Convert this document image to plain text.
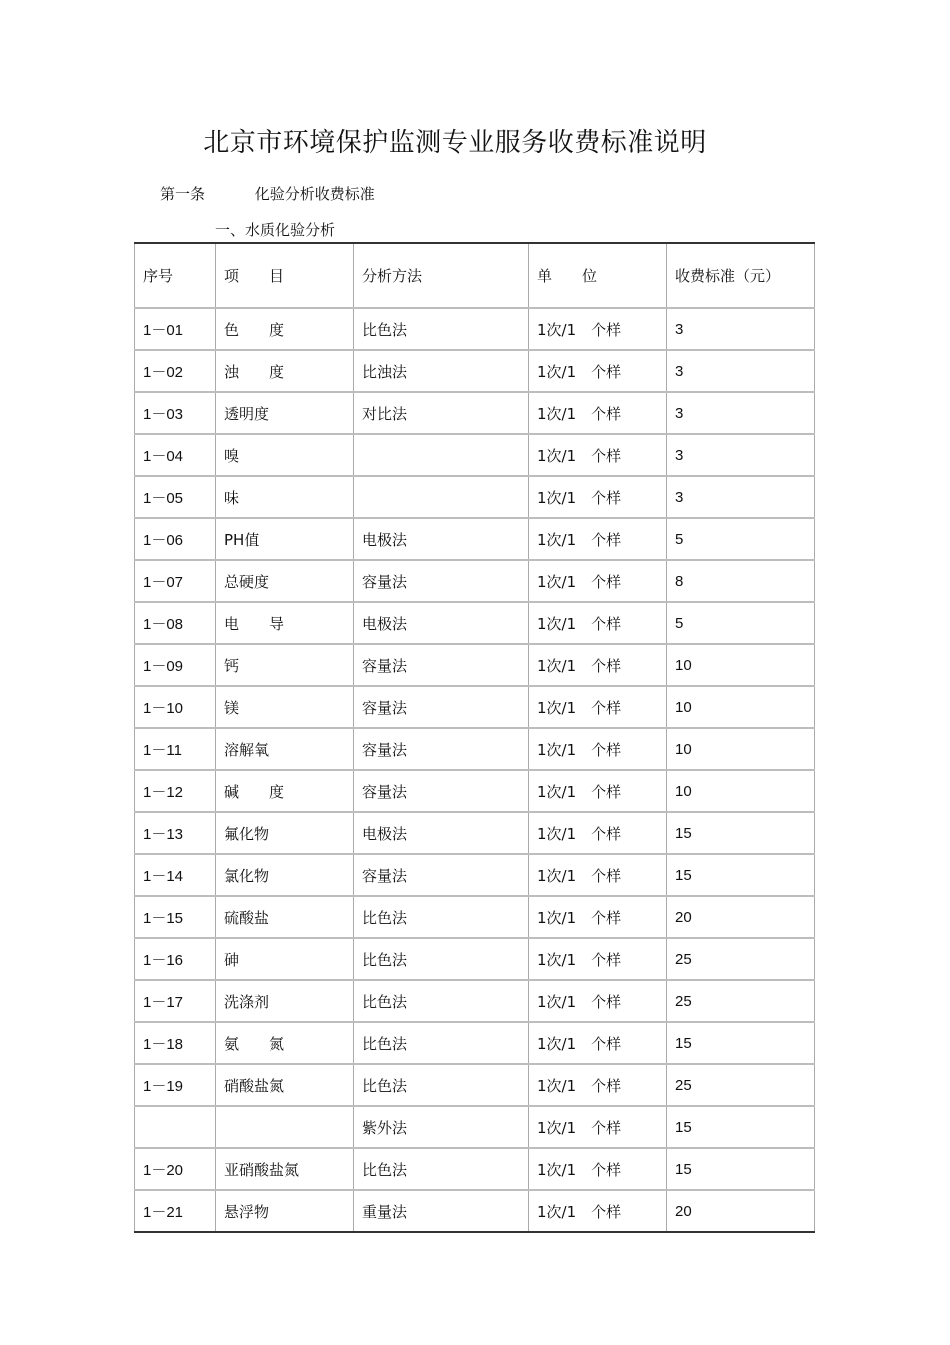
北京市环境保护监测专业服务收费标准说明
第一条	化验分析收费标准
一、水质化验分析
序号	项　　目	分析方法	单　　位	收费标准（元）
1－01	色　　度	比色法	1次/1　个样	3
1－02	浊　　度	比浊法	1次/1　个样	3
1－03	透明度	对比法	1次/1　个样	3
1－04	嗅		1次/1　个样	3
1－05	味		1次/1　个样	3
1－06	PH值	电极法	1次/1　个样	5
1－07	总硬度	容量法	1次/1　个样	8
1－08	电　　导	电极法	1次/1　个样	5
1－09	钙	容量法	1次/1　个样	10
1－10	镁	容量法	1次/1　个样	10
1－11	溶解氧	容量法	1次/1　个样	10
1－12	碱　　度	容量法	1次/1　个样	10
1－13	氟化物	电极法	1次/1　个样	15
1－14	氯化物	容量法	1次/1　个样	15
1－15	硫酸盐	比色法	1次/1　个样	20
1－16	砷	比色法	1次/1　个样	25
1－17	洗涤剂	比色法	1次/1　个样	25
1－18	氨　　氮	比色法	1次/1　个样	15
1－19	硝酸盐氮	比色法	1次/1　个样	25
		紫外法	1次/1　个样	15
1－20	亚硝酸盐氮	比色法	1次/1　个样	15
1－21	悬浮物	重量法	1次/1　个样	20
